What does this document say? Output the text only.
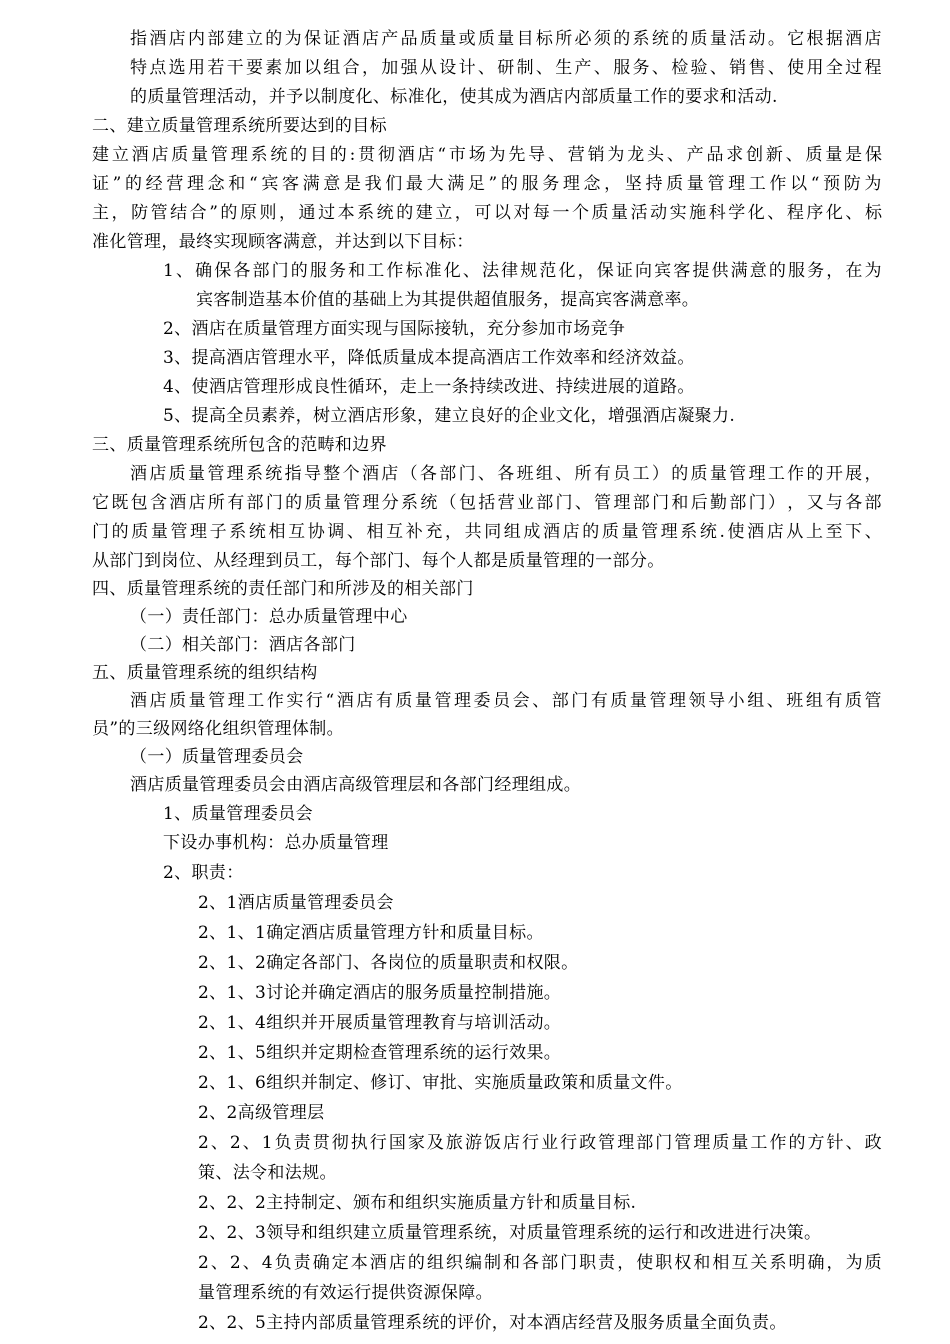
指 酒 店 内 部 建 立 的 为 保 证 酒 店 产 品 质 量 或 质 量 目 标 所 必 须 的 系 统 的 质 量 活 动 。 它 根 据 酒 店
特 点 选 用 若 干 要 素 加 以 组 合 ， 加 强 从 设 计 、 研 制 、 生 产 、 服 务 、 检 验 、 销 售 、 使 用 全 过 程
的质量管理活动，并予以制度化、标准化，使其成为酒店内部质量工作的要求和活动.
二、建立质量管理系统所要达到的目标
建 立 酒 店 质 量 管 理 系 统 的 目 的 : 贯 彻 酒 店 “ 市 场 为 先 导 、 营 销 为 龙 头 、 产 品 求 创 新 、 质 量 是 保
证 ” 的 经 营 理 念 和 “ 宾 客 满 意 是 我 们 最 大 满 足 ” 的 服 务 理 念 ， 坚 持 质 量 管 理 工 作 以 “ 预 防 为
主 ， 防 管 结 合 ” 的 原 则 ， 通 过 本 系 统 的 建 立 ， 可 以 对 每 一 个 质 量 活 动 实 施 科 学 化 、 程 序 化 、 标
准化管理，最终实现顾客满意，并达到以下目标：
1 、 确 保 各 部 门 的 服 务 和 工 作 标 准 化 、 法 律 规 范 化 ， 保 证 向 宾 客 提 供 满 意 的 服 务 ， 在 为
宾客制造基本价值的基础上为其提供超值服务，提高宾客满意率。
2、酒店在质量管理方面实现与国际接轨，充分参加市场竞争
3、提高酒店管理水平，降低质量成本提高酒店工作效率和经济效益。
4、使酒店管理形成良性循环，走上一条持续改进、持续进展的道路。
5、提高全员素养，树立酒店形象，建立良好的企业文化，增强酒店凝聚力.
三、质量管理系统所包含的范畴和边界
酒 店 质 量 管 理 系 统 指 导 整 个 酒 店 （ 各 部 门 、 各 班 组 、 所 有 员 工 ） 的 质 量 管 理 工 作 的 开 展 ，
它 既 包 含 酒 店 所 有 部 门 的 质 量 管 理 分 系 统 （ 包 括 营 业 部 门 、 管 理 部 门 和 后 勤 部 门 ） ， 又 与 各 部
门 的 质 量 管 理 子 系 统 相 互 协 调 、 相 互 补 充 ， 共 同 组 成 酒 店 的 质 量 管 理 系 统 . 使 酒 店 从 上 至 下 、
从部门到岗位、从经理到员工，每个部门、每个人都是质量管理的一部分。
四、质量管理系统的责任部门和所涉及的相关部门
（一）责任部门：总办质量管理中心
（二）相关部门：酒店各部门
五、质量管理系统的组织结构
酒 店 质 量 管 理 工 作 实 行 “ 酒 店 有 质 量 管 理 委 员 会 、 部 门 有 质 量 管 理 领 导 小 组 、 班 组 有 质 管
员”的三级网络化组织管理体制。
（一）质量管理委员会
酒店质量管理委员会由酒店高级管理层和各部门经理组成。
1、质量管理委员会
下设办事机构：总办质量管理
2、职责：
2、1酒店质量管理委员会
2、1、1确定酒店质量管理方针和质量目标。
2、1、2确定各部门、各岗位的质量职责和权限。
2、1、3讨论并确定酒店的服务质量控制措施。
2、1、4组织并开展质量管理教育与培训活动。
2、1、5组织并定期检查管理系统的运行效果。
2、1、6组织并制定、修订、审批、实施质量政策和质量文件。
2、2高级管理层
2 、 2 、 1 负 责 贯 彻 执 行 国 家 及 旅 游 饭 店 行 业 行 政 管 理 部 门 管 理 质 量 工 作 的 方 针 、 政
策、法令和法规。
2、2、2主持制定、颁布和组织实施质量方针和质量目标.
2、2、3领导和组织建立质量管理系统，对质量管理系统的运行和改进进行决策。
2 、 2 、 4 负 责 确 定 本 酒 店 的 组 织 编 制 和 各 部 门 职 责 ， 使 职 权 和 相 互 关 系 明 确 ， 为 质
量管理系统的有效运行提供资源保障。
2、2、5主持内部质量管理系统的评价，对本酒店经营及服务质量全面负责。
